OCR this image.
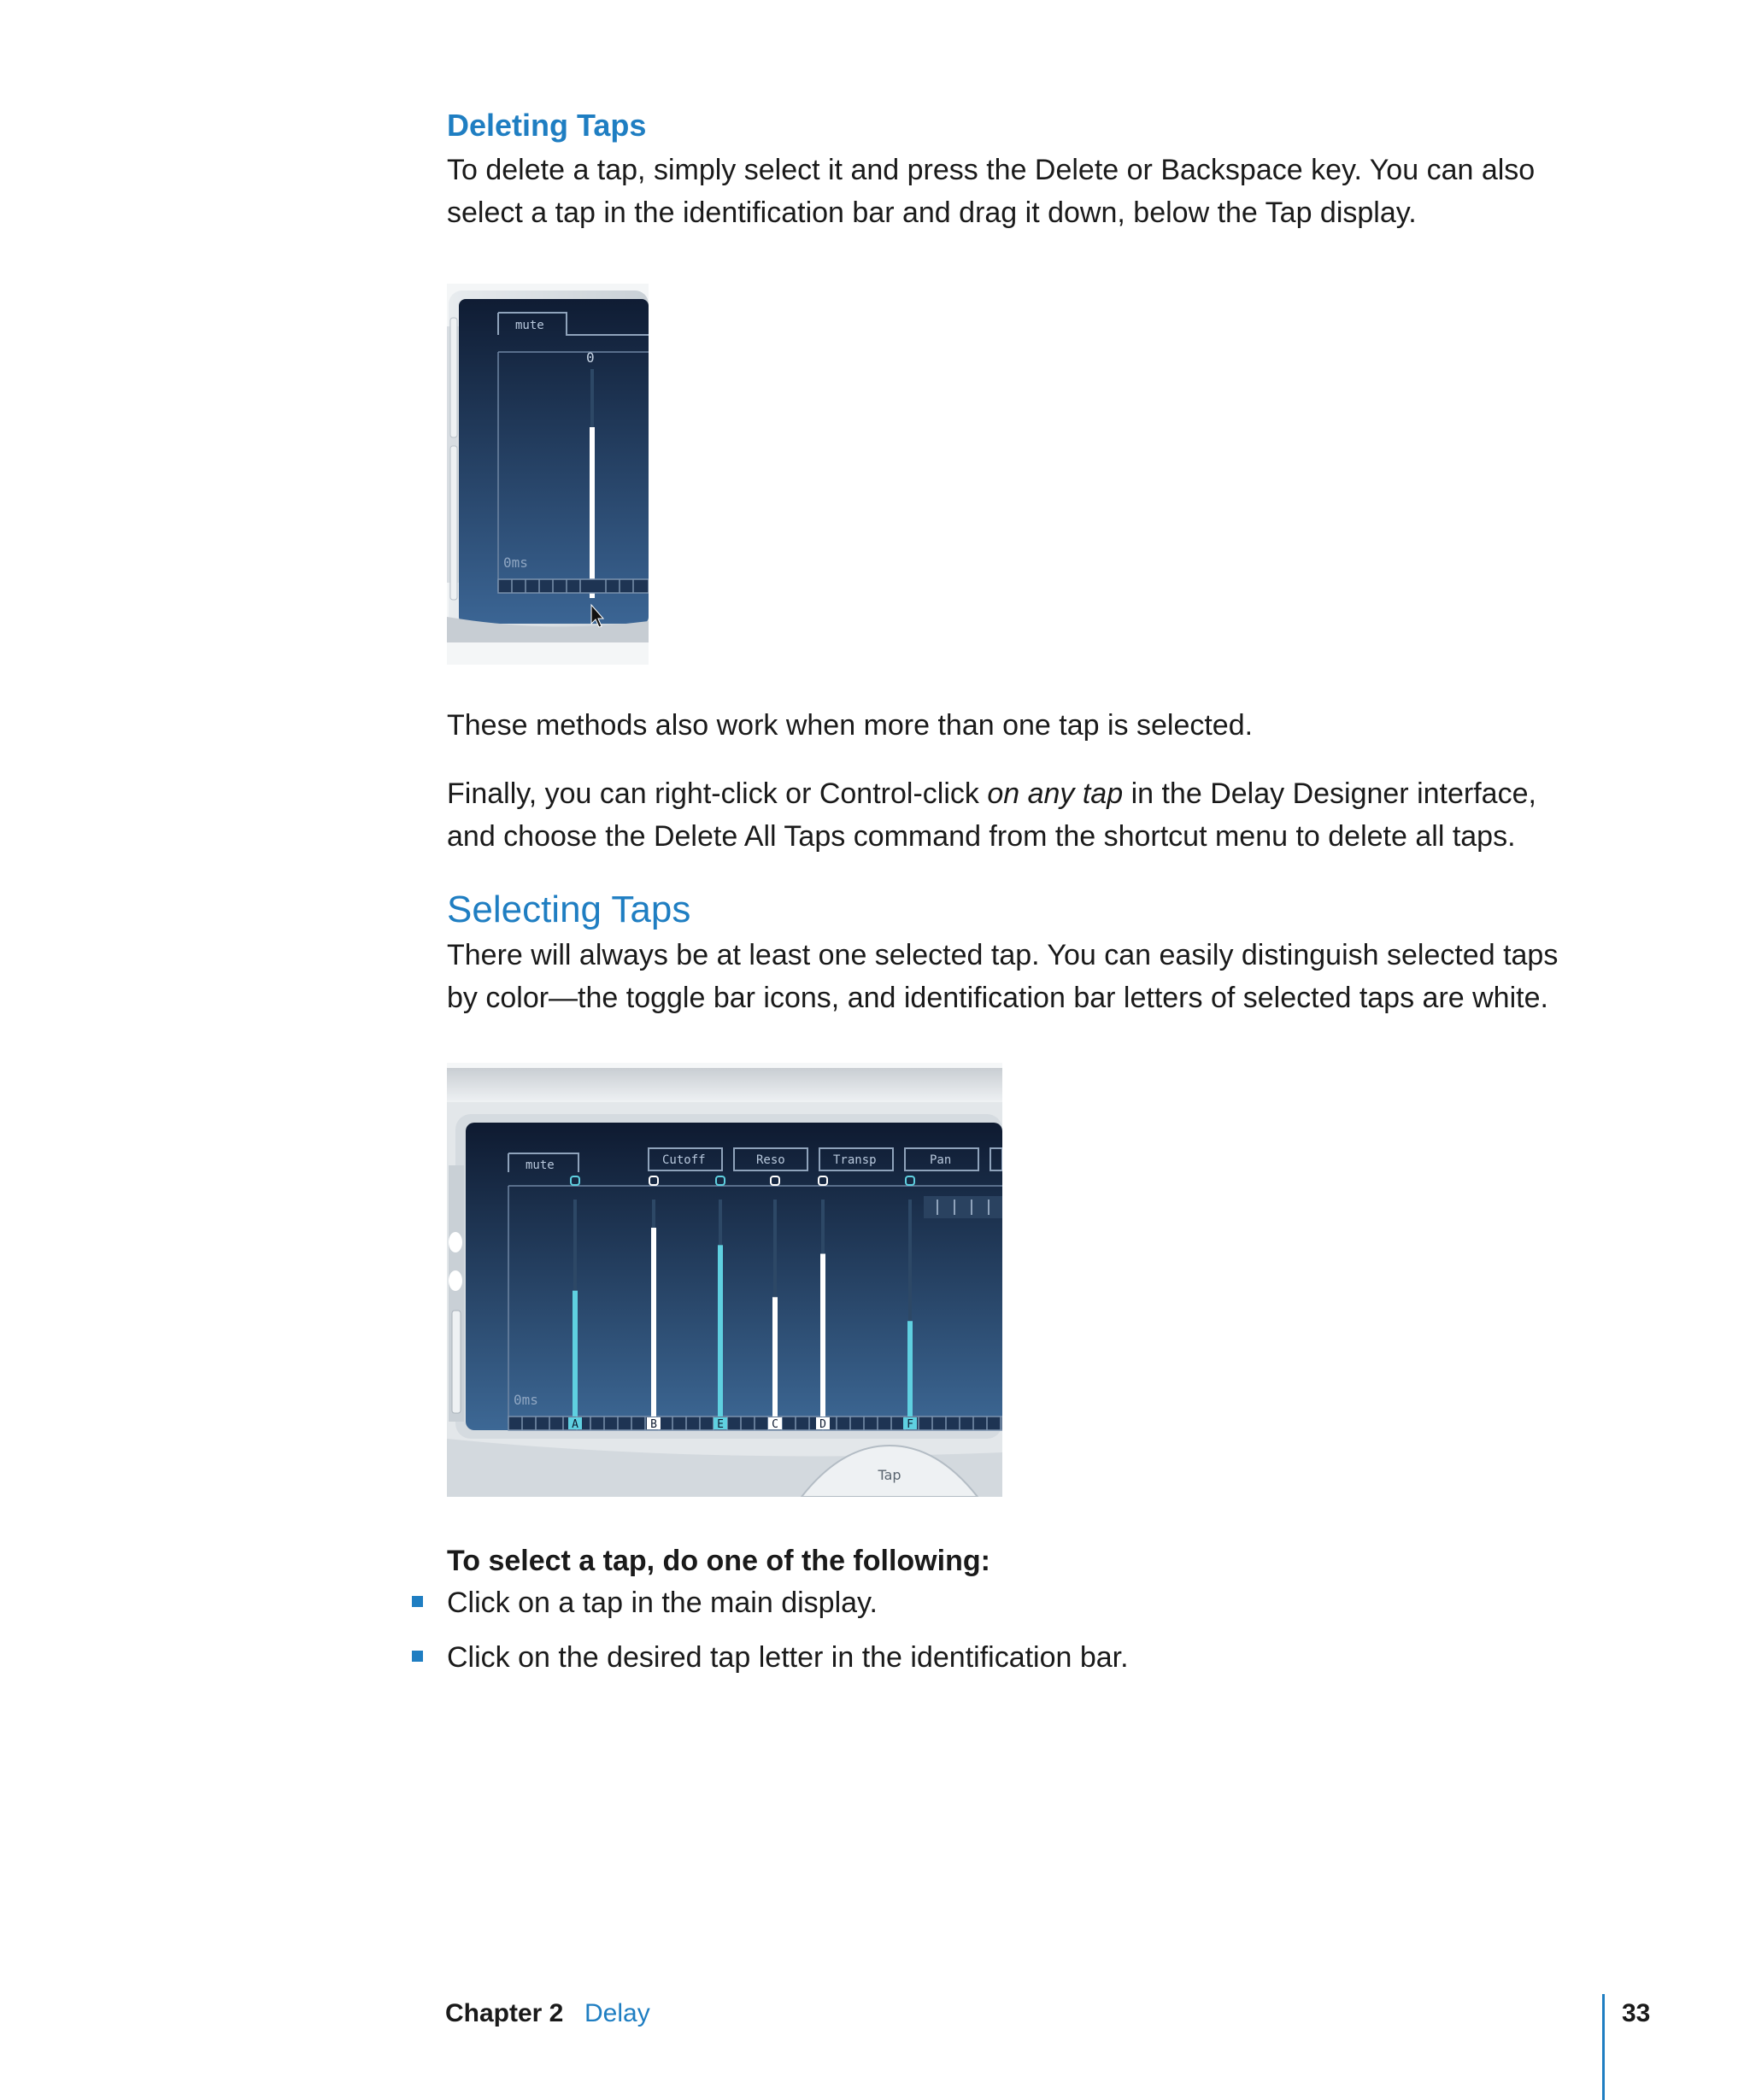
Deleting Taps
To delete a tap, simply select it and press the Delete or Backspace key. You can also
select a tap in the identification bar and drag it down, below the Tap display.
mute
0
0ms
These methods also work when more than one tap is selected.
Finally, you can right-click or Control-click on any tap in the Delay Designer interface,
and choose the Delete All Taps command from the shortcut menu to delete all taps.
Selecting Taps
There will always be at least one selected tap. You can easily distinguish selected taps
by color—the toggle bar icons, and identification bar letters of selected taps are white.
mute	Cutoff	Reso	Transp	Pan
0ms
A	B	E	C	D	F
Tap
To select a tap, do one of the following:
Click on a tap in the main display.
Click on the desired tap letter in the identification bar.
Chapter 2 Delay	33
